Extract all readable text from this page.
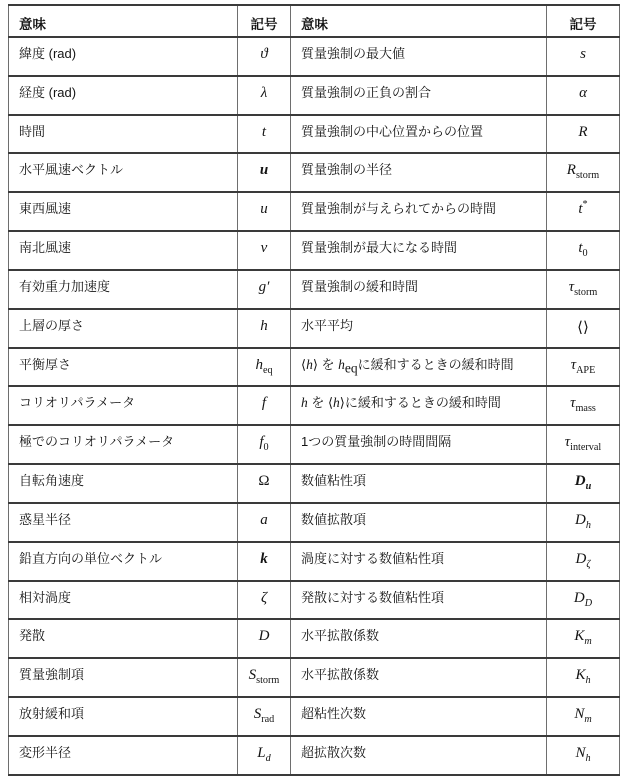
意味	記号	意味	記号
緯度 (rad)	ϑ	質量強制の最大値	s
経度 (rad)	λ	質量強制の正負の割合	α
時間	t	質量強制の中心位置からの位置	R
水平風速ベクトル	u	質量強制の半径	$R_{storm}$
東西風速	u	質量強制が与えられてからの時間	t*
南北風速	v	質量強制が最大になる時間	$t_0$
有効重力加速度	g′	質量強制の緩和時間	$\tau_{storm}$
上層の厚さ	h	水平平均	⟨⟩
平衡厚さ	$h_{eq}$	⟨h⟩ を $h_{eq}$に緩和するときの緩和時間	$\tau_{APE}$
コリオリパラメータ	f	h を ⟨h⟩に緩和するときの緩和時間	$\tau_{mass}$
極でのコリオリパラメータ	$f_0$	1つの質量強制の時間間隔	$\tau_{interval}$
自転角速度	Ω	数値粘性項	$D_u$
惑星半径	a	数値拡散項	$D_h$
鉛直方向の単位ベクトル	k	渦度に対する数値粘性項	$D_\zeta$
相対渦度	ζ	発散に対する数値粘性項	$D_D$
発散	D	水平拡散係数	$K_m$
質量強制項	$S_{storm}$	水平拡散係数	$K_h$
放射緩和項	$S_{rad}$	超粘性次数	$N_m$
変形半径	$L_d$	超拡散次数	$N_h$
